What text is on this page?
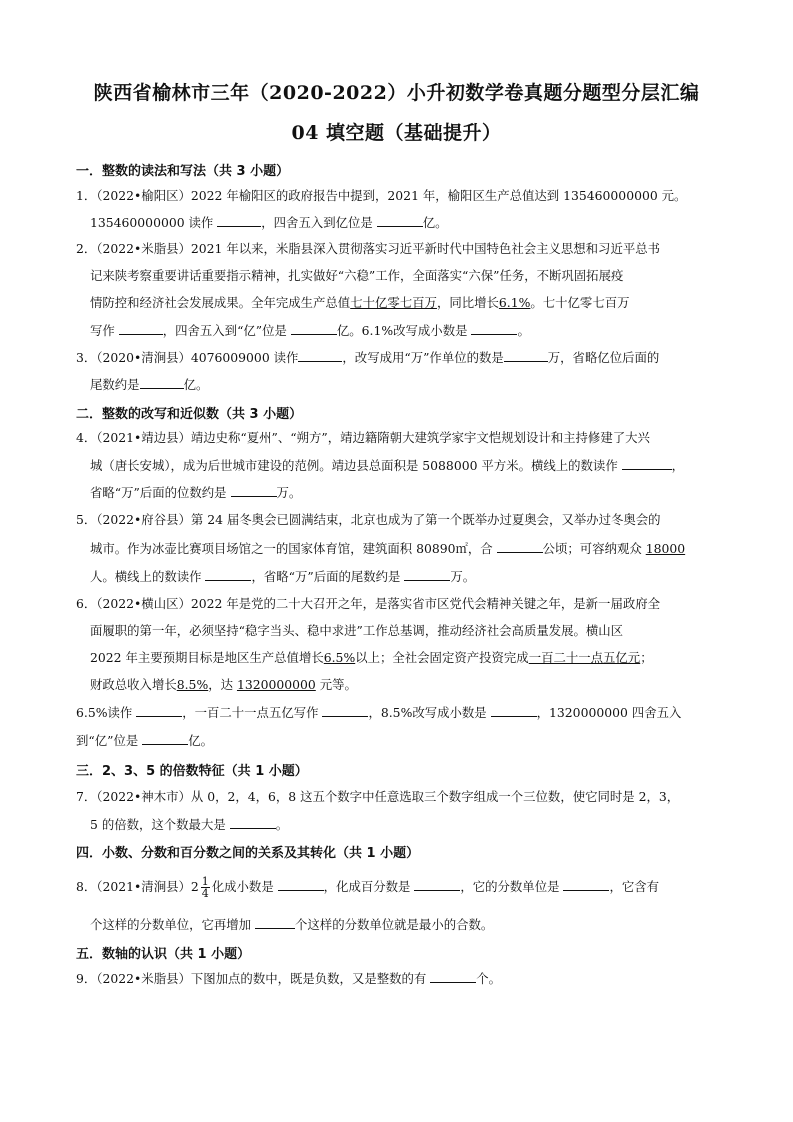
陕西省榆林市三年（2020-2022）小升初数学卷真题分题型分层汇编
04 填空题（基础提升）
一．整数的读法和写法（共 3 小题）
1．（2022•榆阳区）2022 年榆阳区的政府报告中提到，2021 年，榆阳区生产总值达到 135460000000 元。
135460000000 读作	，四舍五入到亿位是	亿。
2．（2022•米脂县）2021 年以来，米脂县深入贯彻落实习近平新时代中国特色社会主义思想和习近平总书
记来陕考察重要讲话重要指示精神，扎实做好“六稳”工作，全面落实“六保”任务，不断巩固拓展疫
情防控和经济社会发展成果。全年完成生产总值七十亿零七百万，同比增长6.1%。七十亿零七百万
写作	，四舍五入到“亿”位是	亿。6.1%改写成小数是	。
3．（2020•清涧县）4076009000 读作	，改写成用“万”作单位的数是	万，省略亿位后面的
尾数约是	亿。
二．整数的改写和近似数（共 3 小题）
4．（2021•靖边县）靖边史称“夏州”、“朔方”，靖边籍隋朝大建筑学家宇文恺规划设计和主持修建了大兴
城（唐长安城），成为后世城市建设的范例。靖边县总面积是 5088000 平方米。横线上的数读作	，
省略“万”后面的位数约是	万。
5．（2022•府谷县）第 24 届冬奥会已圆满结束，北京也成为了第一个既举办过夏奥会，又举办过冬奥会的
城市。作为冰壶比赛项目场馆之一的国家体育馆，建筑面积 80890㎡，合	公顷；可容纳观众 18000
人。横线上的数读作	，省略“万”后面的尾数约是	万。
6．（2022•横山区）2022 年是党的二十大召开之年，是落实省市区党代会精神关键之年，是新一届政府全
面履职的第一年，必须坚持“稳字当头、稳中求进”工作总基调，推动经济社会高质量发展。横山区
2022 年主要预期目标是地区生产总值增长6.5%以上；全社会固定资产投资完成一百二十一点五亿元；
财政总收入增长8.5%，达 1320000000 元等。
6.5%读作	，一百二十一点五亿写作	，8.5%改写成小数是	，1320000000 四舍五入
到“亿”位是	亿。
三．2、3、5 的倍数特征（共 1 小题）
7．（2022•神木市）从 0，2，4，6，8 这五个数字中任意选取三个数字组成一个三位数，使它同时是 2，3，
5 的倍数，这个数最大是	。
四．小数、分数和百分数之间的关系及其转化（共 1 小题）
8．（2021•清涧县）$2 \frac{1}{4}$ 化成小数是	，化成百分数是	，它的分数单位是	，它含有
个这样的分数单位，它再增加	个这样的分数单位就是最小的合数。
五．数轴的认识（共 1 小题）
9．（2022•米脂县）下图加点的数中，既是负数，又是整数的有	个。
